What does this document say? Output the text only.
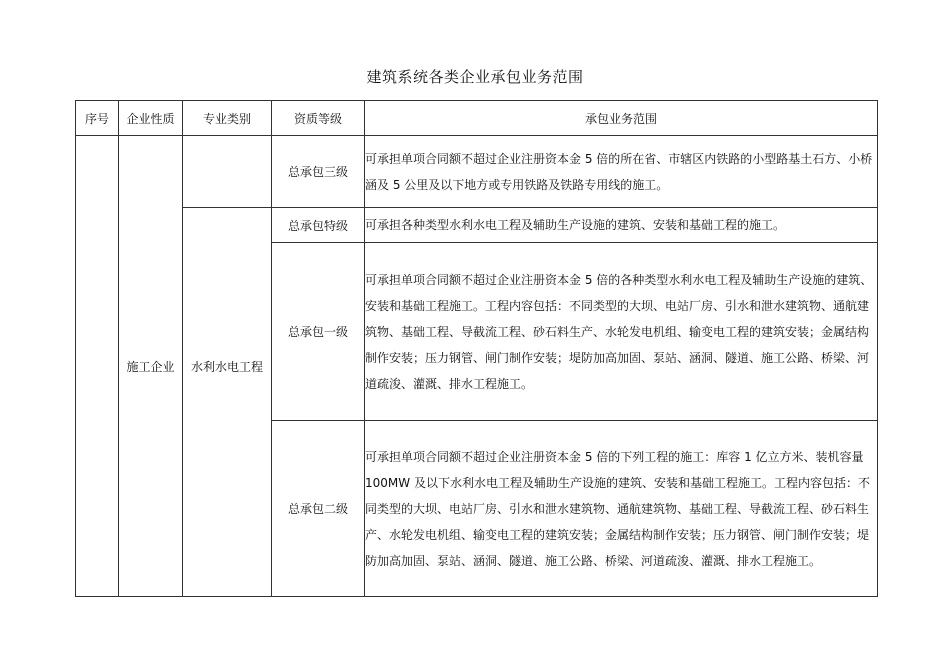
建筑系统各类企业承包业务范围
序号	企业性质	专业类别	资质等级	承包业务范围
	施工企业		总承包三级	可承担单项合同额不超过企业注册资本金 5 倍的所在省、市辖区内铁路的小型路基土石方、小桥涵及 5 公里及以下地方或专用铁路及铁路专用线的施工。

		水利水电工程	总承包特级	可承担各种类型水利水电工程及辅助生产设施的建筑、安装和基础工程的施工。
			总承包一级	可承担单项合同额不超过企业注册资本金 5 倍的各种类型水利水电工程及辅助生产设施的建筑、安装和基础工程施工。工程内容包括：不同类型的大坝、电站厂房、引水和泄水建筑物、通航建筑物、基础工程、导截流工程、砂石料生产、水轮发电机组、输变电工程的建筑安装；金属结构制作安装；压力钢管、闸门制作安装；堤防加高加固、泵站、涵洞、隧道、施工公路、桥梁、河道疏浚、灌溉、排水工程施工。
			总承包二级	可承担单项合同额不超过企业注册资本金 5 倍的下列工程的施工：库容 1 亿立方米、装机容量 100MW 及以下水利水电工程及辅助生产设施的建筑、安装和基础工程施工。工程内容包括：不同类型的大坝、电站厂房、引水和泄水建筑物、通航建筑物、基础工程、导截流工程、砂石料生产、水轮发电机组、输变电工程的建筑安装；金属结构制作安装；压力钢管、闸门制作安装；堤防加高加固、泵站、涵洞、隧道、施工公路、桥梁、河道疏浚、灌溉、排水工程施工。
